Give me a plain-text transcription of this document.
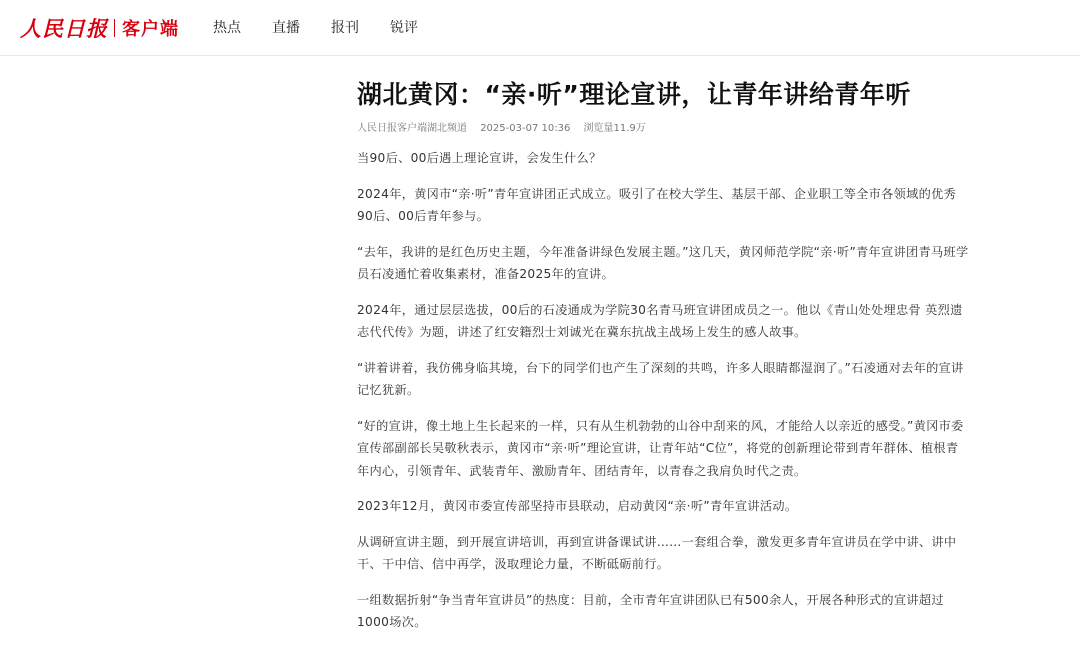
人民日报 客户端 热点 直播 报刊 锐评
湖北黄冈：“亲·听”理论宣讲，让青年讲给青年听
人民日报客户端湖北频道 2025-03-07 10:36 浏览量11.9万

当90后、00后遇上理论宣讲，会发生什么？

2024年，黄冈市“亲·听”青年宣讲团正式成立。吸引了在校大学生、基层干部、企业职工等全市各领域的优秀90后、00后青年参与。

“去年，我讲的是红色历史主题，今年准备讲绿色发展主题。”这几天，黄冈师范学院“亲·听”青年宣讲团青马班学员石凌通忙着收集素材，准备2025年的宣讲。

2024年，通过层层选拔，00后的石凌通成为学院30名青马班宣讲团成员之一。他以《青山处处埋忠骨 英烈遗志代代传》为题，讲述了红安籍烈士刘诚光在冀东抗战主战场上发生的感人故事。

“讲着讲着，我仿佛身临其境，台下的同学们也产生了深刻的共鸣，许多人眼睛都湿润了。”石凌通对去年的宣讲记忆犹新。

“好的宣讲，像土地上生长起来的一样，只有从生机勃勃的山谷中刮来的风，才能给人以亲近的感受。”黄冈市委宣传部副部长吴敬秋表示，黄冈市“亲·听”理论宣讲，让青年站“C位”，将党的创新理论带到青年群体、植根青年内心，引领青年、武装青年、激励青年、团结青年，以青春之我肩负时代之责。

2023年12月，黄冈市委宣传部坚持市县联动，启动黄冈“亲·听”青年宣讲活动。

从调研宣讲主题，到开展宣讲培训，再到宣讲备课试讲……一套组合拳，激发更多青年宣讲员在学中讲、讲中干、干中信、信中再学，汲取理论力量，不断砥砺前行。

一组数据折射“争当青年宣讲员”的热度：目前，全市青年宣讲团队已有500余人，开展各种形式的宣讲超过1000场次。
